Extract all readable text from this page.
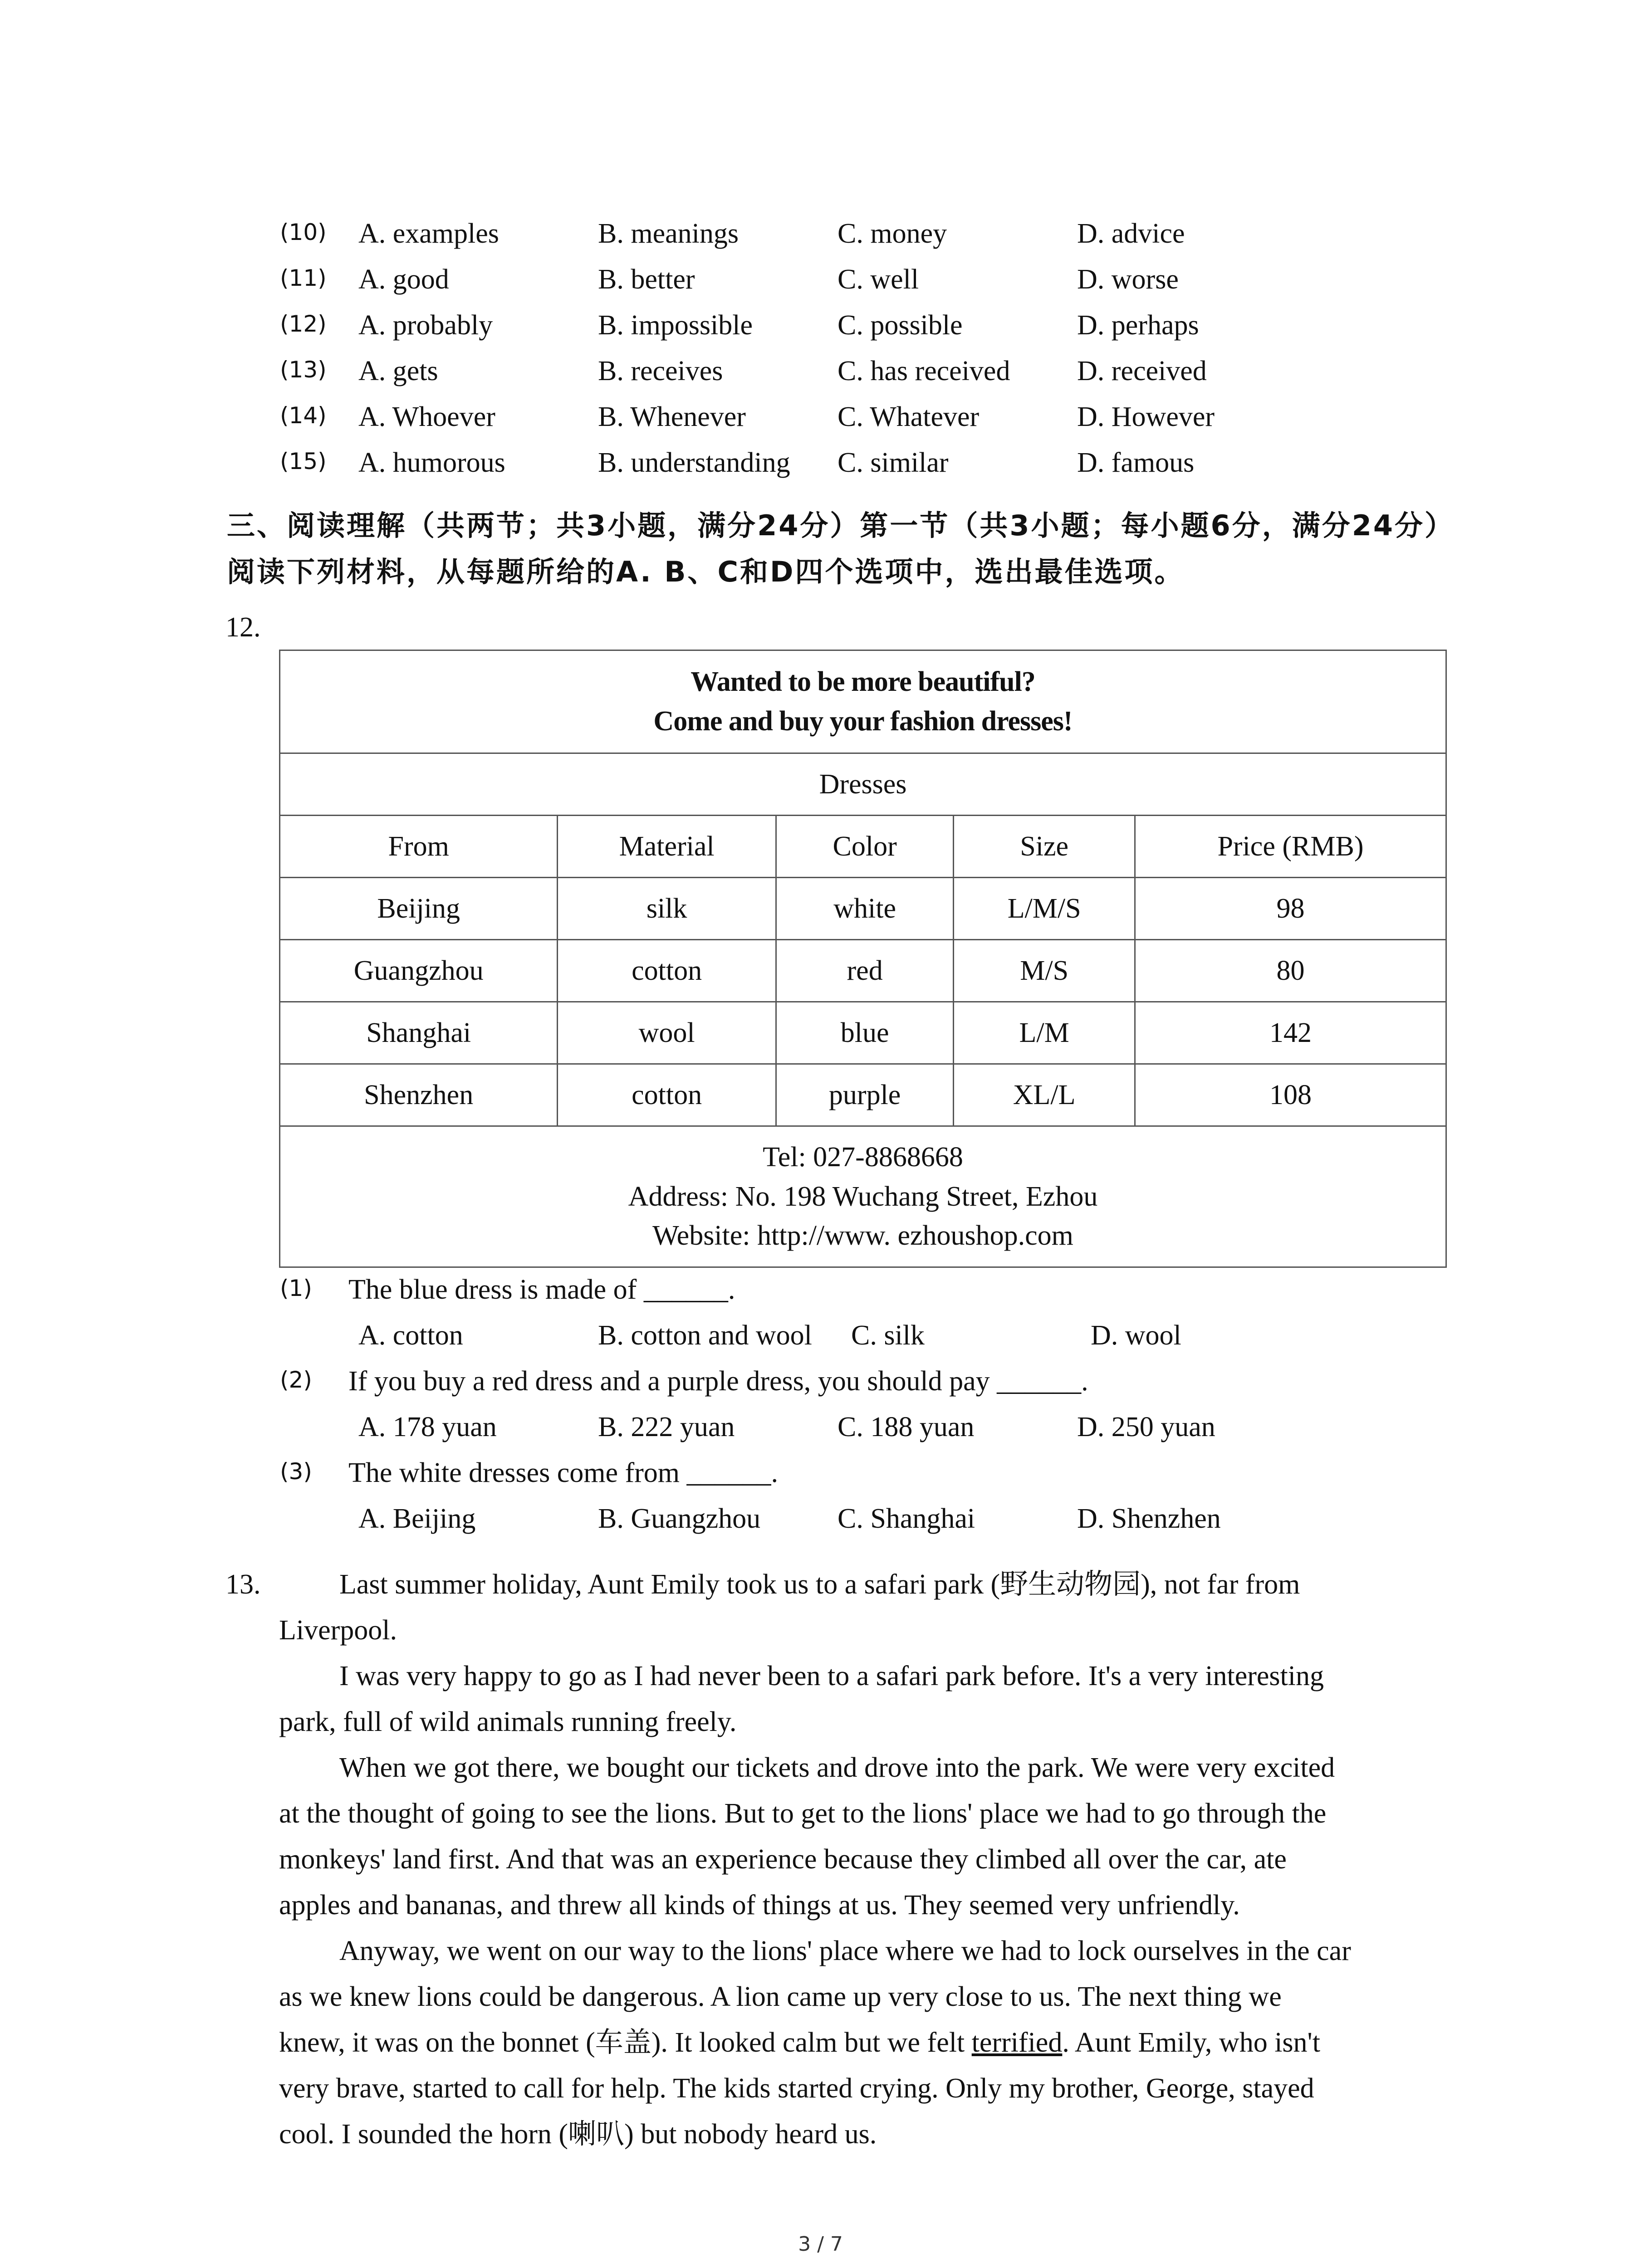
(10) A. examples	B. meanings	C. money	D. advice
(11) A. good	B. better	C. well	D. worse
(12) A. probably	B. impossible	C. possible	D. perhaps
(13) A. gets	B. receives	C. has received D. received
(14) A. Whoever	B. Whenever	C. Whatever	D. However
(15) A. humorous	B. understanding C. similar	D. famous
三、阅读理解（共两节；共3小题，满分24分）第一节（共3小题；每小题6分，满分24分）
阅读下列材料，从每题所给的A. B、C和D四个选项中，选出最佳选项。
12.
Wanted to be more beautiful?
Come and buy your fashion dresses!				

Dresses				
From	Material	Color	Size	Price (RMB)
Beijing	silk	white	L/M/S	98
Guangzhou	cotton	red	M/S	80
Shanghai	wool	blue	L/M	142
Shenzhen	cotton	purple	XL/L	108

Tel: 027-8868668
Address: No. 198 Wuchang Street, Ezhou
Website: http://www. ezhoushop.com				
(1) The blue dress is made of ______.
A. cotton	B. cotton and wool C. silk	D. wool
(2) If you buy a red dress and a purple dress, you should pay ______.
A. 178 yuan	B. 222 yuan	C. 188 yuan	D. 250 yuan
(3) The white dresses come from ______.
A. Beijing	B. Guangzhou	C. Shanghai	D. Shenzhen
13.	Last summer holiday, Aunt Emily took us to a safari park (野生动物园), not far from
Liverpool.
I was very happy to go as I had never been to a safari park before. It's a very interesting
park, full of wild animals running freely.
When we got there, we bought our tickets and drove into the park. We were very excited
at the thought of going to see the lions. But to get to the lions' place we had to go through the
monkeys' land first. And that was an experience because they climbed all over the car, ate
apples and bananas, and threw all kinds of things at us. They seemed very unfriendly.
Anyway, we went on our way to the lions' place where we had to lock ourselves in the car
as we knew lions could be dangerous. A lion came up very close to us. The next thing we
knew, it was on the bonnet (车盖). It looked calm but we felt terrified. Aunt Emily, who isn't
very brave, started to call for help. The kids started crying. Only my brother, George, stayed
cool. I sounded the horn (喇叭) but nobody heard us.
3 / 7
